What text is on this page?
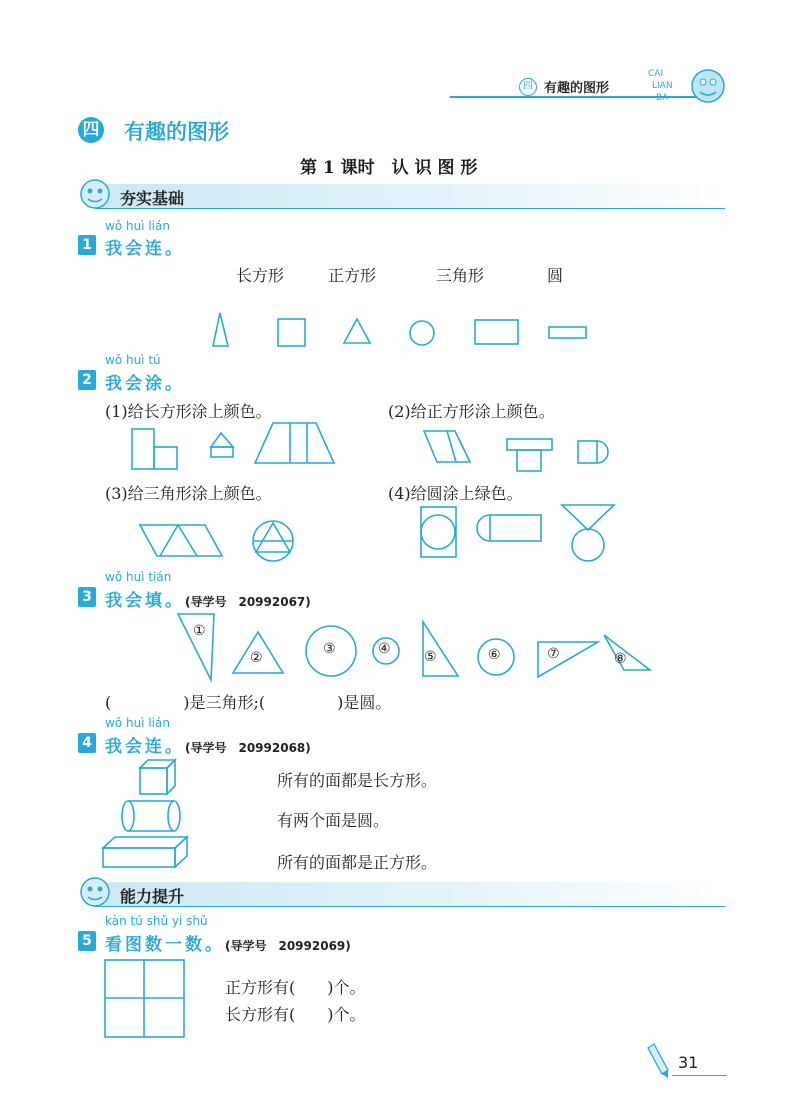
四 有趣的图形
CAI
LIAN
BA
四 有趣的图形
第 1 课时　认 识 图 形
夯实基础
wǒ huì lián
1 我会连。
长方形	正方形	三角形	圆
wǒ huì tú
2 我会涂。
(1)给长方形涂上颜色。	(2)给正方形涂上颜色。
(3)给三角形涂上颜色。	(4)给圆涂上绿色。
wǒ huì tián
3 我会填。(导学号　20992067)
①
②
③	④ ⑤	⑥	⑦	⑧
(	)是三角形;(	)是圆。
wǒ huì lián
4 我会连。(导学号　20992068)
所有的面都是长方形。
有两个面是圆。
所有的面都是正方形。
能力提升
kàn tú shǔ yi shǔ
5 看图数一数。(导学号　20992069)
正方形有(　　)个。
长方形有(　　)个。
31
